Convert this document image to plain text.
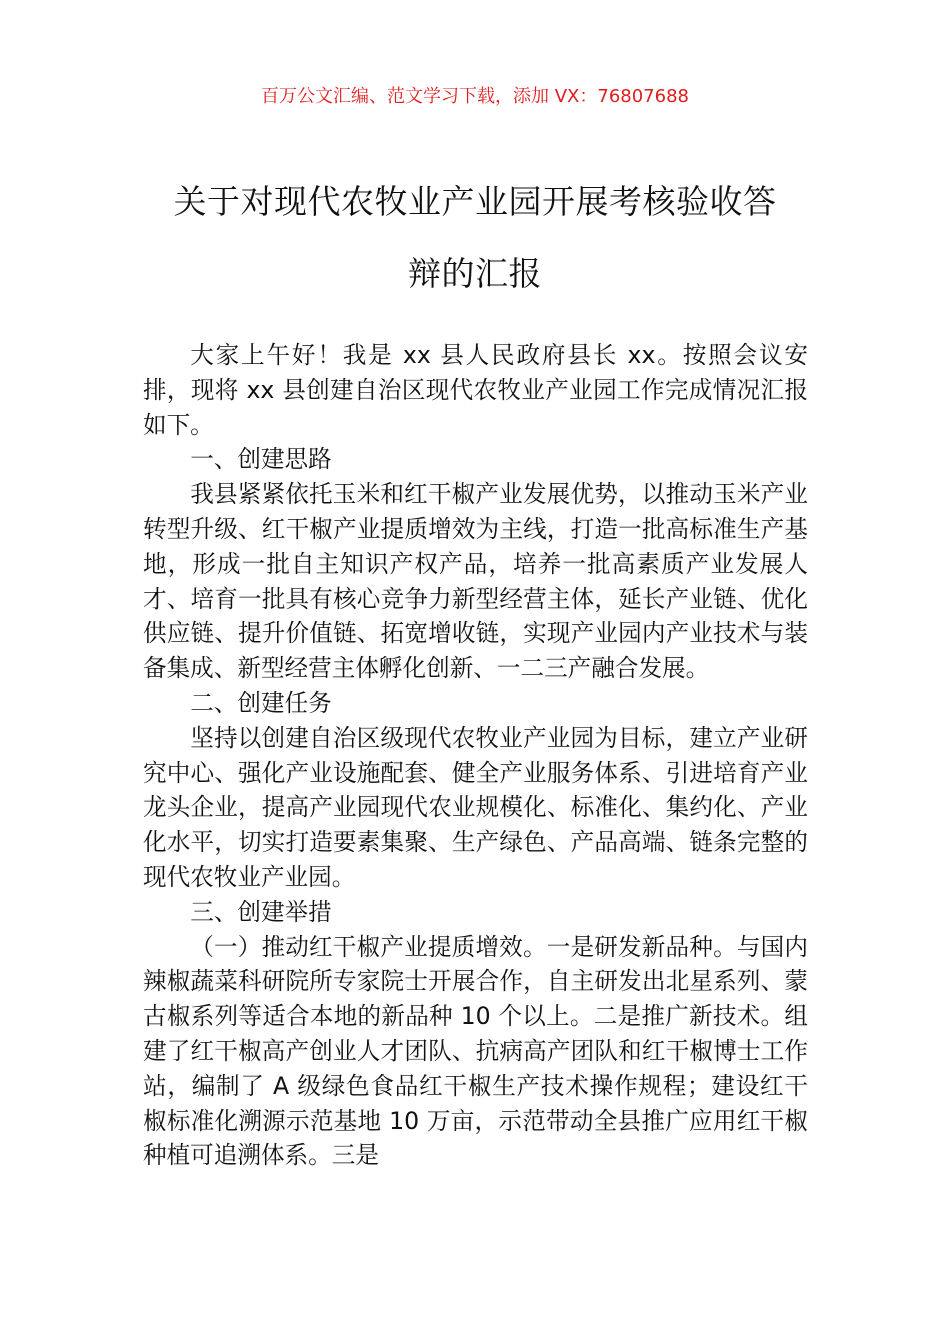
百万公文汇编、范文学习下载，添加 VX：76807688
关于对现代农牧业产业园开展考核验收答
辩的汇报

大家上午好！我是 xx 县人民政府县长 xx。按照会议安排，现将 xx 县创建自治区现代农牧业产业园工作完成情况汇报如下。

一、创建思路

我县紧紧依托玉米和红干椒产业发展优势，以推动玉米产业转型升级、红干椒产业提质增效为主线，打造一批高标准生产基地，形成一批自主知识产权产品，培养一批高素质产业发展人才、培育一批具有核心竞争力新型经营主体，延长产业链、优化供应链、提升价值链、拓宽增收链，实现产业园内产业技术与装备集成、新型经营主体孵化创新、一二三产融合发展。

二、创建任务

坚持以创建自治区级现代农牧业产业园为目标，建立产业研究中心、强化产业设施配套、健全产业服务体系、引进培育产业龙头企业，提高产业园现代农业规模化、标准化、集约化、产业化水平，切实打造要素集聚、生产绿色、产品高端、链条完整的现代农牧业产业园。

三、创建举措

（一）推动红干椒产业提质增效。一是研发新品种。与国内辣椒蔬菜科研院所专家院士开展合作，自主研发出北星系列、蒙古椒系列等适合本地的新品种 10 个以上。二是推广新技术。组建了红干椒高产创业人才团队、抗病高产团队和红干椒博士工作站，编制了 A 级绿色食品红干椒生产技术操作规程；建设红干椒标准化溯源示范基地 10 万亩，示范带动全县推广应用红干椒种植可追溯体系。三是
